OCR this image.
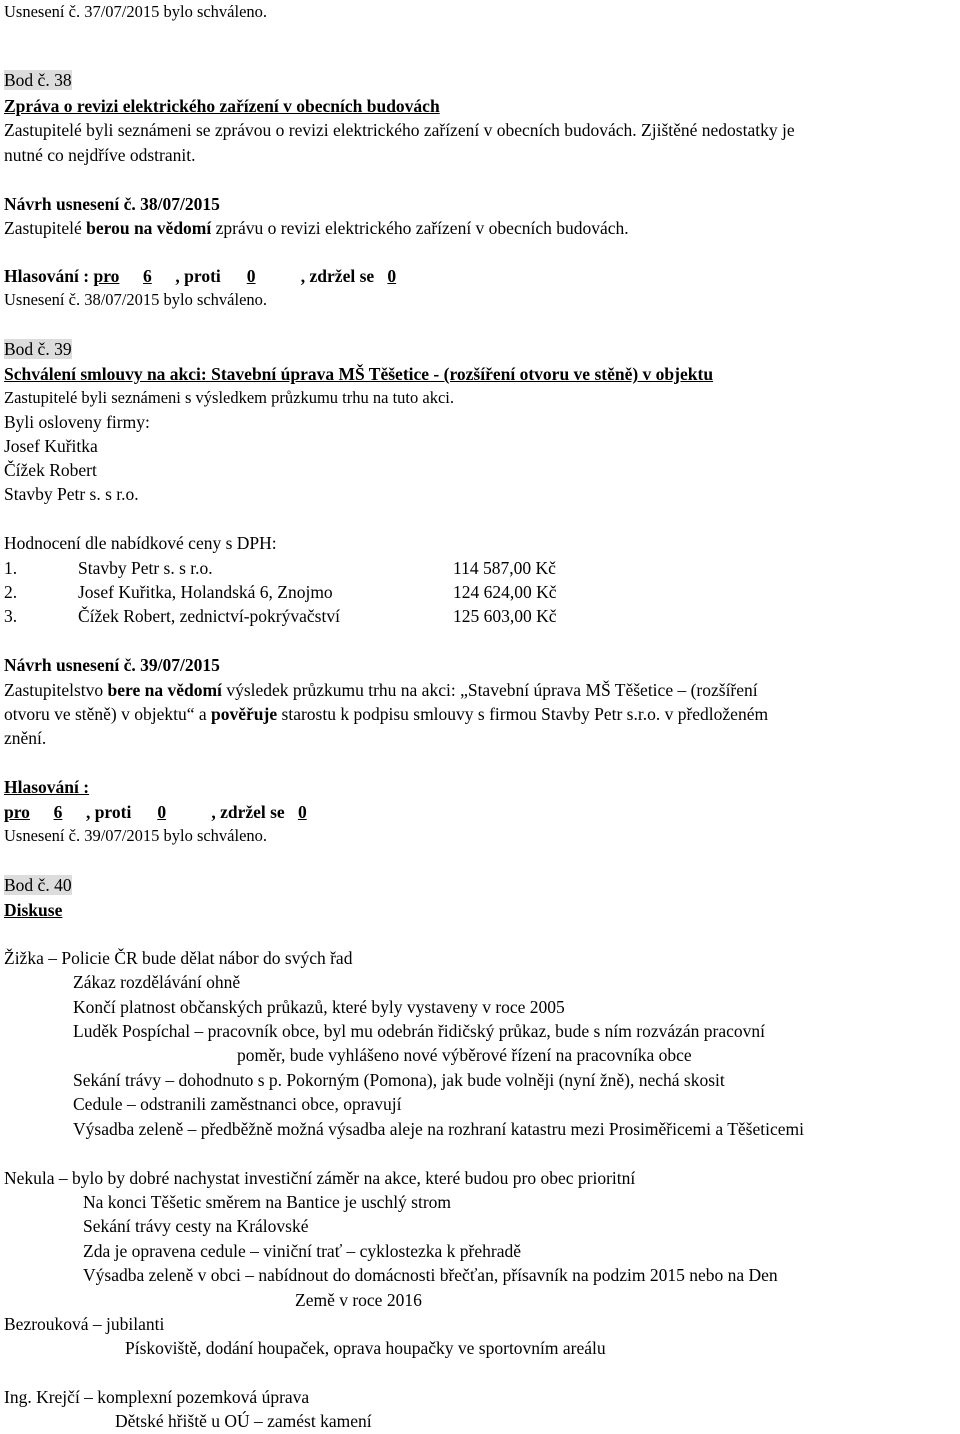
Usnesení č. 37/07/2015 bylo schváleno.
Bod č. 38
Zpráva o revizi elektrického zařízení v obecních budovách
Zastupitelé byli seznámeni se zprávou o revizi elektrického zařízení v obecních budovách. Zjištěné nedostatky je
nutné co nejdříve odstranit.
Návrh usnesení č. 38/07/2015
Zastupitelé berou na vědomí zprávu o revizi elektrického zařízení v obecních budovách.
Hlasování : pro 6 , proti 0	, zdržel se 0
Usnesení č. 38/07/2015 bylo schváleno.
Bod č. 39
Schválení smlouvy na akci: Stavební úprava MŠ Těšetice - (rozšíření otvoru ve stěně) v objektu
Zastupitelé byli seznámeni s výsledkem průzkumu trhu na tuto akci.
Byli osloveny firmy:
Josef Kuřitka
Čížek Robert
Stavby Petr s. s r.o.
Hodnocení dle nabídkové ceny s DPH:
1.	Stavby Petr s. s r.o.	114 587,00 Kč
2.	Josef Kuřitka, Holandská 6, Znojmo	124 624,00 Kč
3.	Čížek Robert, zednictví-pokrývačství	125 603,00 Kč
Návrh usnesení č. 39/07/2015
Zastupitelstvo bere na vědomí výsledek průzkumu trhu na akci: „Stavební úprava MŠ Těšetice – (rozšíření
otvoru ve stěně) v objektu“ a pověřuje starostu k podpisu smlouvy s firmou Stavby Petr s.r.o. v předloženém
znění.
Hlasování :
pro 6 , proti 0	, zdržel se 0
Usnesení č. 39/07/2015 bylo schváleno.
Bod č. 40
Diskuse
Žižka – Policie ČR bude dělat nábor do svých řad
Zákaz rozdělávání ohně
Končí platnost občanských průkazů, které byly vystaveny v roce 2005
Luděk Pospíchal – pracovník obce, byl mu odebrán řidičský průkaz, bude s ním rozvázán pracovní
poměr, bude vyhlášeno nové výběrové řízení na pracovníka obce
Sekání trávy – dohodnuto s p. Pokorným (Pomona), jak bude volněji (nyní žně), nechá skosit
Cedule – odstranili zaměstnanci obce, opravují
Výsadba zeleně – předběžně možná výsadba aleje na rozhraní katastru mezi Prosiměřicemi a Těšeticemi
Nekula – bylo by dobré nachystat investiční záměr na akce, které budou pro obec prioritní
Na konci Těšetic směrem na Bantice je uschlý strom
Sekání trávy cesty na Královské
Zda je opravena cedule – viniční trať – cyklostezka k přehradě
Výsadba zeleně v obci – nabídnout do domácnosti břečťan, přísavník na podzim 2015 nebo na Den
Země v roce 2016
Bezrouková – jubilanti
Pískoviště, dodání houpaček, oprava houpačky ve sportovním areálu
Ing. Krejčí – komplexní pozemková úprava
Dětské hřiště u OÚ – zamést kamení
